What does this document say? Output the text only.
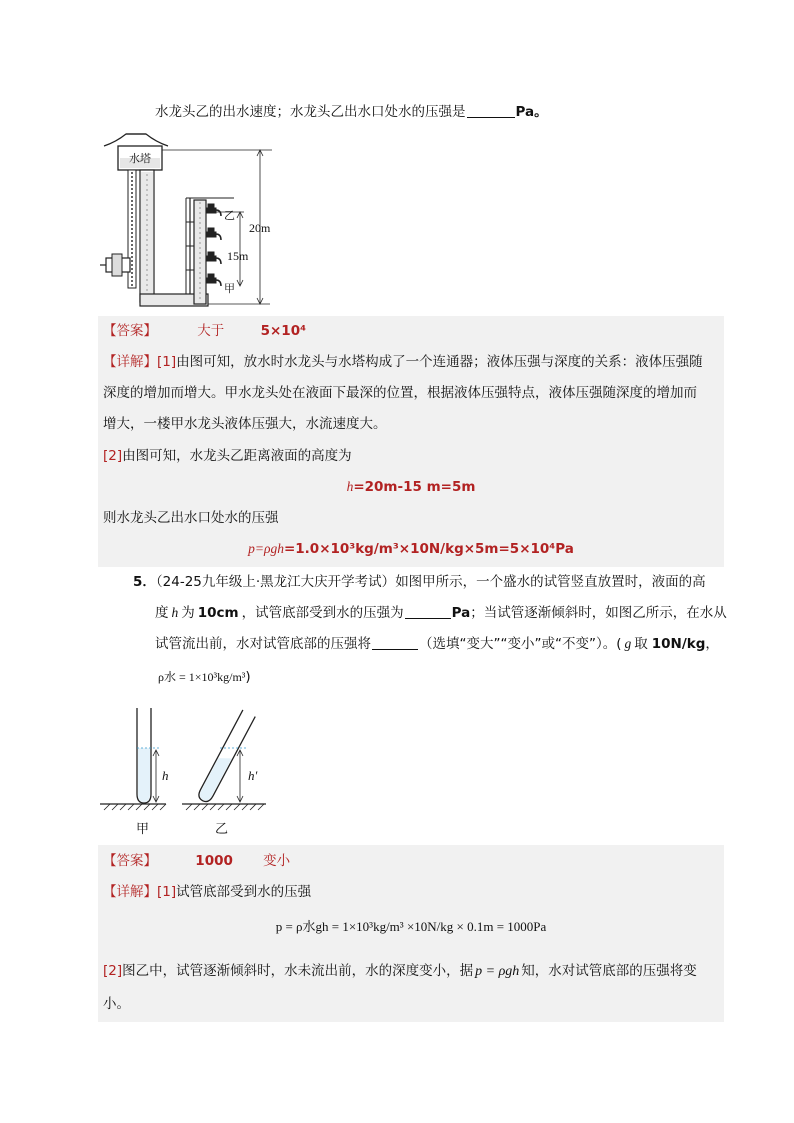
水龙头乙的出水速度；水龙头乙出水口处水的压强是	Pa。
水塔
20m
15m
乙
甲
【答案】	大于	5×10⁴
【详解】[1]由图可知，放水时水龙头与水塔构成了一个连通器；液体压强与深度的关系：液体压强随
深度的增加而增大。甲水龙头处在液面下最深的位置，根据液体压强特点，液体压强随深度的增加而
增大，一楼甲水龙头液体压强大，水流速度大。
[2]由图可知，水龙头乙距离液面的高度为
h=20m-15 m=5m
则水龙头乙出水口处水的压强
p=ρgh=1.0×10³kg/m³×10N/kg×5m=5×10⁴Pa
5．（24-25九年级上·黑龙江大庆开学考试）如图甲所示，一个盛水的试管竖直放置时，液面的高
度 h 为 10cm ，试管底部受到水的压强为	Pa；当试管逐渐倾斜时，如图乙所示，在水从
试管流出前，水对试管底部的压强将	（选填“变大”“变小”或“不变”）。( g 取 10N/kg，
ρ水 = 1×10³kg/m³)
h	h′
甲	乙
【答案】	1000 变小
【详解】[1]试管底部受到水的压强
p = ρ水gh = 1×10³kg/m³ ×10N/kg × 0.1m = 1000Pa
[2]图乙中，试管逐渐倾斜时，水未流出前，水的深度变小，据 p = ρgh 知，水对试管底部的压强将变
小。
